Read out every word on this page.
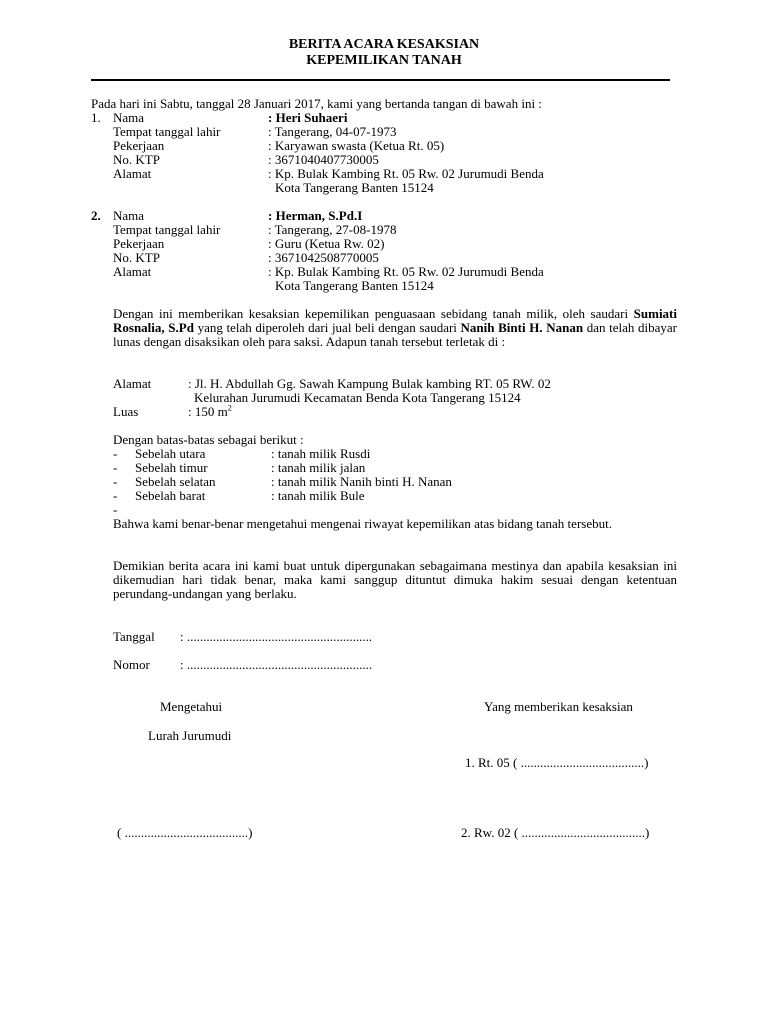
BERITA ACARA KESAKSIAN
KEPEMILIKAN TANAH
Pada hari ini Sabtu, tanggal 28 Januari 2017, kami yang bertanda tangan di bawah ini :
1. Nama	: Heri Suhaeri
Tempat tanggal lahir	: Tangerang, 04-07-1973
Pekerjaan	: Karyawan swasta (Ketua Rt. 05)
No. KTP	: 3671040407730005
Alamat	: Kp. Bulak Kambing Rt. 05 Rw. 02 Jurumudi Benda
Kota Tangerang Banten 15124
2. Nama	: Herman, S.Pd.I
Tempat tanggal lahir	: Tangerang, 27-08-1978
Pekerjaan	: Guru (Ketua Rw. 02)
No. KTP	: 3671042508770005
Alamat	: Kp. Bulak Kambing Rt. 05 Rw. 02 Jurumudi Benda
Kota Tangerang Banten 15124
Dengan ini memberikan kesaksian kepemilikan penguasaan sebidang tanah milik, oleh saudari Sumiati Rosnalia, S.Pd yang telah diperoleh dari jual beli dengan saudari Nanih Binti H. Nanan dan telah dibayar lunas dengan disaksikan oleh para saksi. Adapun tanah tersebut terletak di :
Alamat	: Jl. H. Abdullah Gg. Sawah Kampung Bulak kambing RT. 05 RW. 02
Kelurahan Jurumudi Kecamatan Benda Kota Tangerang 15124
Luas	: 150 $m^2$
Dengan batas-batas sebagai berikut :
- Sebelah utara	: tanah milik Rusdi
- Sebelah timur	: tanah milik jalan
- Sebelah selatan	: tanah milik Nanih binti H. Nanan
- Sebelah barat	: tanah milik Bule
-
Bahwa kami benar-benar mengetahui mengenai riwayat kepemilikan atas bidang tanah tersebut.
Demikian berita acara ini kami buat untuk dipergunakan sebagaimana mestinya dan apabila kesaksian ini dikemudian hari tidak benar, maka kami sanggup dituntut dimuka hakim sesuai dengan ketentuan perundang-undangan yang berlaku.
Tanggal : .........................................................
Nomor : .........................................................
Mengetahui	Yang memberikan kesaksian
Lurah Jurumudi
1. Rt. 05 ( ......................................)
( ......................................)	2. Rw. 02 ( ......................................)
